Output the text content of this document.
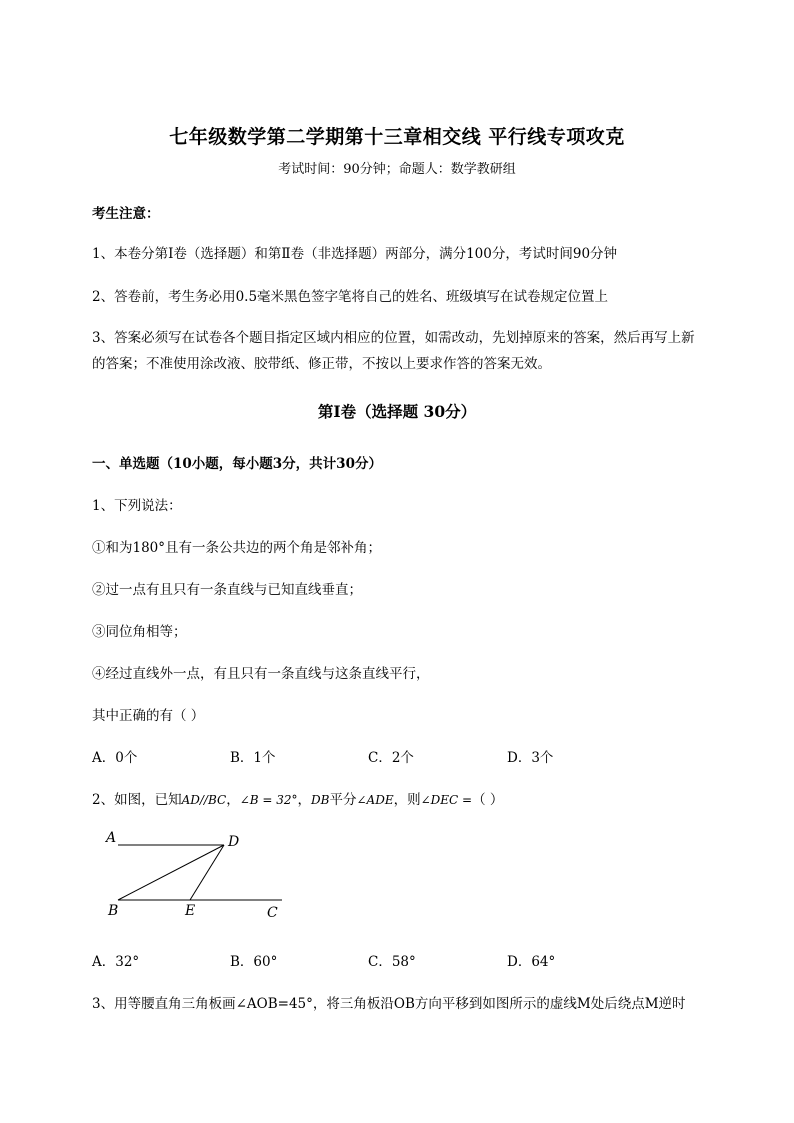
七年级数学第二学期第十三章相交线 平行线专项攻克
考试时间：90分钟；命题人：数学教研组
考生注意：
1、本卷分第I卷（选择题）和第Ⅱ卷（非选择题）两部分，满分100分，考试时间90分钟
2、答卷前，考生务必用0.5毫米黑色签字笔将自己的姓名、班级填写在试卷规定位置上
3、答案必须写在试卷各个题目指定区域内相应的位置，如需改动，先划掉原来的答案，然后再写上新
的答案；不准使用涂改液、胶带纸、修正带，不按以上要求作答的答案无效。
第I卷（选择题 30分）
一、单选题（10小题，每小题3分，共计30分）
1、下列说法：
①和为180°且有一条公共边的两个角是邻补角；
②过一点有且只有一条直线与已知直线垂直；
③同位角相等；
④经过直线外一点，有且只有一条直线与这条直线平行，
其中正确的有（ ）
A．0个	B．1个	C．2个	D．3个
2、如图，已知AD//BC，∠B = 32°，DB平分∠ADE，则∠DEC =（ ）
A	D
B	E	C
A．32°	B．60°	C．58°	D．64°
3、用等腰直角三角板画∠AOB=45°，将三角板沿OB方向平移到如图所示的虚线M处后绕点M逆时
